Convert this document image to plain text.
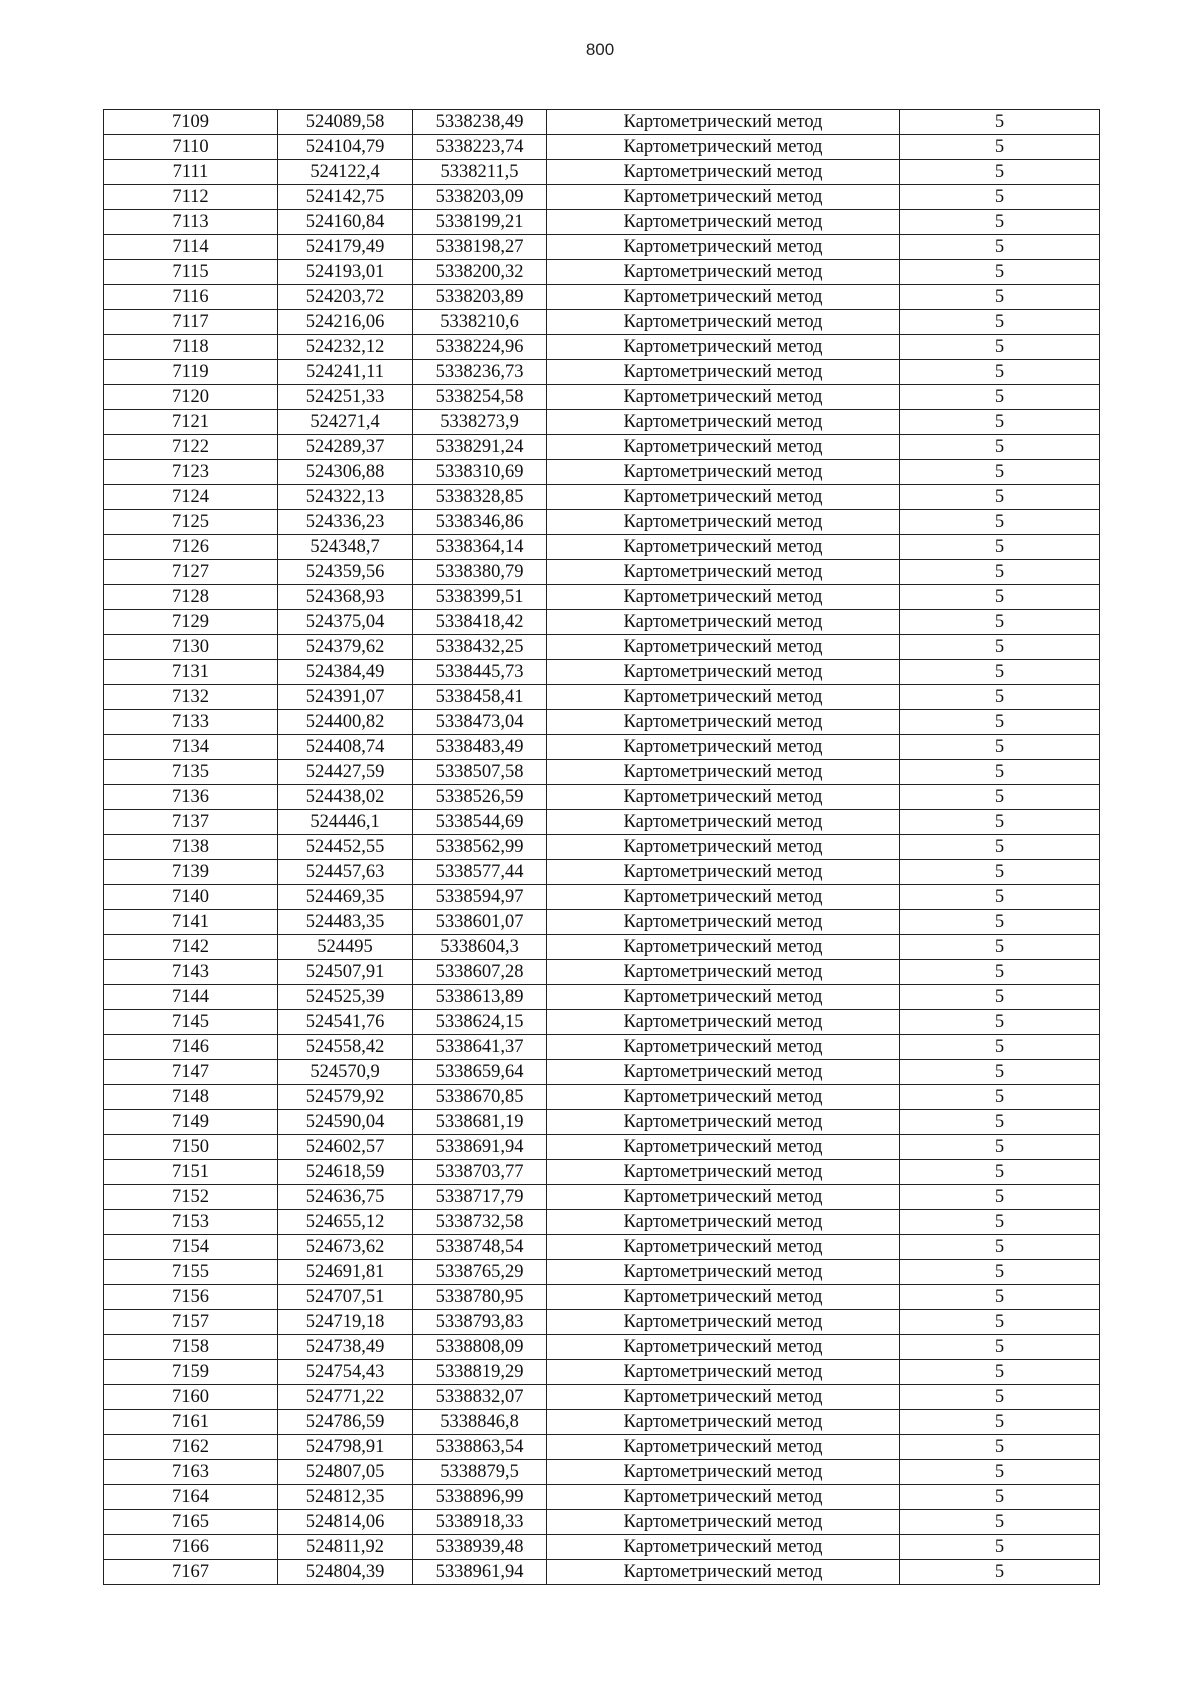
800
7109	524089,58	5338238,49	Картометрический метод	5
7110	524104,79	5338223,74	Картометрический метод	5
7111	524122,4	5338211,5	Картометрический метод	5
7112	524142,75	5338203,09	Картометрический метод	5
7113	524160,84	5338199,21	Картометрический метод	5
7114	524179,49	5338198,27	Картометрический метод	5
7115	524193,01	5338200,32	Картометрический метод	5
7116	524203,72	5338203,89	Картометрический метод	5
7117	524216,06	5338210,6	Картометрический метод	5
7118	524232,12	5338224,96	Картометрический метод	5
7119	524241,11	5338236,73	Картометрический метод	5
7120	524251,33	5338254,58	Картометрический метод	5
7121	524271,4	5338273,9	Картометрический метод	5
7122	524289,37	5338291,24	Картометрический метод	5
7123	524306,88	5338310,69	Картометрический метод	5
7124	524322,13	5338328,85	Картометрический метод	5
7125	524336,23	5338346,86	Картометрический метод	5
7126	524348,7	5338364,14	Картометрический метод	5
7127	524359,56	5338380,79	Картометрический метод	5
7128	524368,93	5338399,51	Картометрический метод	5
7129	524375,04	5338418,42	Картометрический метод	5
7130	524379,62	5338432,25	Картометрический метод	5
7131	524384,49	5338445,73	Картометрический метод	5
7132	524391,07	5338458,41	Картометрический метод	5
7133	524400,82	5338473,04	Картометрический метод	5
7134	524408,74	5338483,49	Картометрический метод	5
7135	524427,59	5338507,58	Картометрический метод	5
7136	524438,02	5338526,59	Картометрический метод	5
7137	524446,1	5338544,69	Картометрический метод	5
7138	524452,55	5338562,99	Картометрический метод	5
7139	524457,63	5338577,44	Картометрический метод	5
7140	524469,35	5338594,97	Картометрический метод	5
7141	524483,35	5338601,07	Картометрический метод	5
7142	524495	5338604,3	Картометрический метод	5
7143	524507,91	5338607,28	Картометрический метод	5
7144	524525,39	5338613,89	Картометрический метод	5
7145	524541,76	5338624,15	Картометрический метод	5
7146	524558,42	5338641,37	Картометрический метод	5
7147	524570,9	5338659,64	Картометрический метод	5
7148	524579,92	5338670,85	Картометрический метод	5
7149	524590,04	5338681,19	Картометрический метод	5
7150	524602,57	5338691,94	Картометрический метод	5
7151	524618,59	5338703,77	Картометрический метод	5
7152	524636,75	5338717,79	Картометрический метод	5
7153	524655,12	5338732,58	Картометрический метод	5
7154	524673,62	5338748,54	Картометрический метод	5
7155	524691,81	5338765,29	Картометрический метод	5
7156	524707,51	5338780,95	Картометрический метод	5
7157	524719,18	5338793,83	Картометрический метод	5
7158	524738,49	5338808,09	Картометрический метод	5
7159	524754,43	5338819,29	Картометрический метод	5
7160	524771,22	5338832,07	Картометрический метод	5
7161	524786,59	5338846,8	Картометрический метод	5
7162	524798,91	5338863,54	Картометрический метод	5
7163	524807,05	5338879,5	Картометрический метод	5
7164	524812,35	5338896,99	Картометрический метод	5
7165	524814,06	5338918,33	Картометрический метод	5
7166	524811,92	5338939,48	Картометрический метод	5
7167	524804,39	5338961,94	Картометрический метод	5
